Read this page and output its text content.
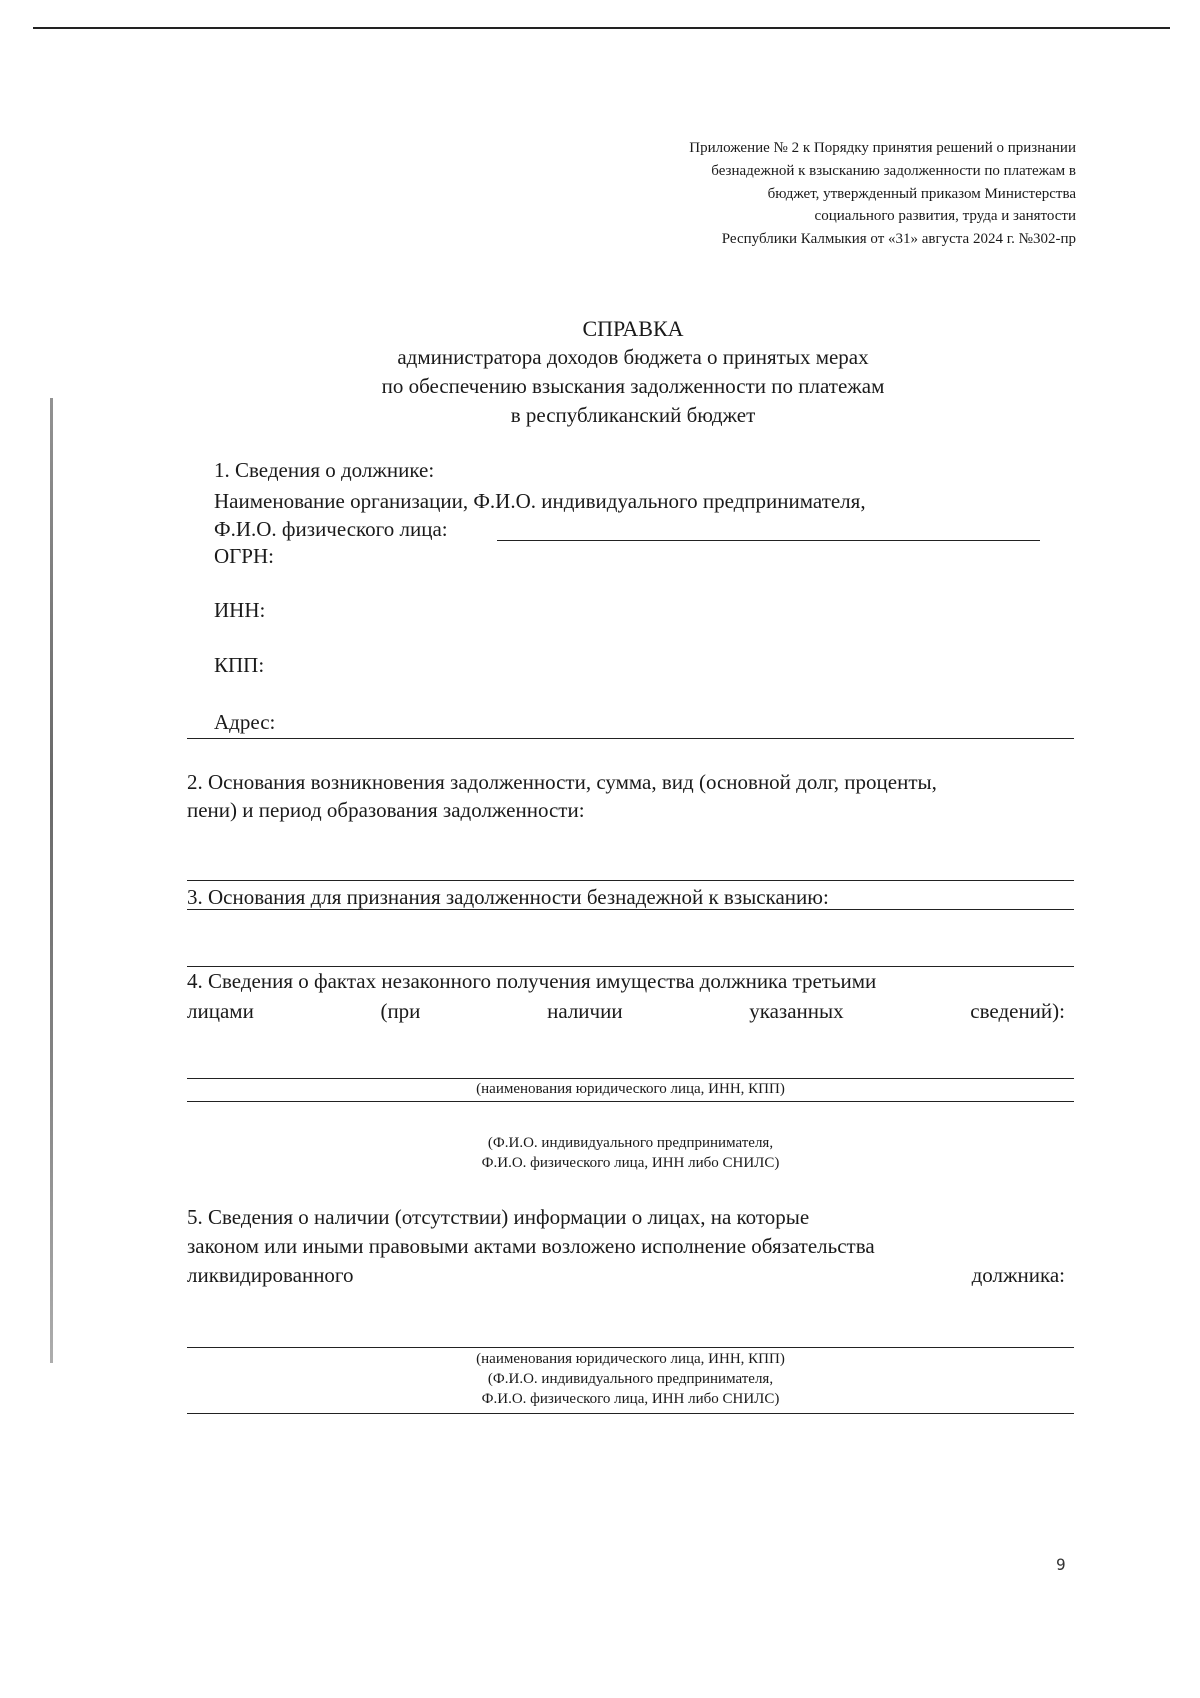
Приложение № 2 к Порядку принятия решений о признании
безнадежной к взысканию задолженности по платежам в
бюджет, утвержденный приказом Министерства
социального развития, труда и занятости
Республики Калмыкия от «31» августа 2024 г. №302-пр
СПРАВКА
администратора доходов бюджета о принятых мерах
по обеспечению взыскания задолженности по платежам
в республиканский бюджет
1. Сведения о должнике:
Наименование организации, Ф.И.О. индивидуального предпринимателя,
Ф.И.О. физического лица:
ОГРН:
ИНН:
КПП:
Адрес:
2. Основания возникновения задолженности, сумма, вид (основной долг, проценты,
пени) и период образования задолженности:
3. Основания для признания задолженности безнадежной к взысканию:
4. Сведения о фактах незаконного получения имущества должника третьими
лицами	(при	наличии	указанных	сведений):
(наименования юридического лица, ИНН, КПП)
(Ф.И.О. индивидуального предпринимателя,
Ф.И.О. физического лица, ИНН либо СНИЛС)
5. Сведения о наличии (отсутствии) информации о лицах, на которые
законом или иными правовыми актами возложено исполнение обязательства
ликвидированного	должника:
(наименования юридического лица, ИНН, КПП)
(Ф.И.О. индивидуального предпринимателя,
Ф.И.О. физического лица, ИНН либо СНИЛС)
9
